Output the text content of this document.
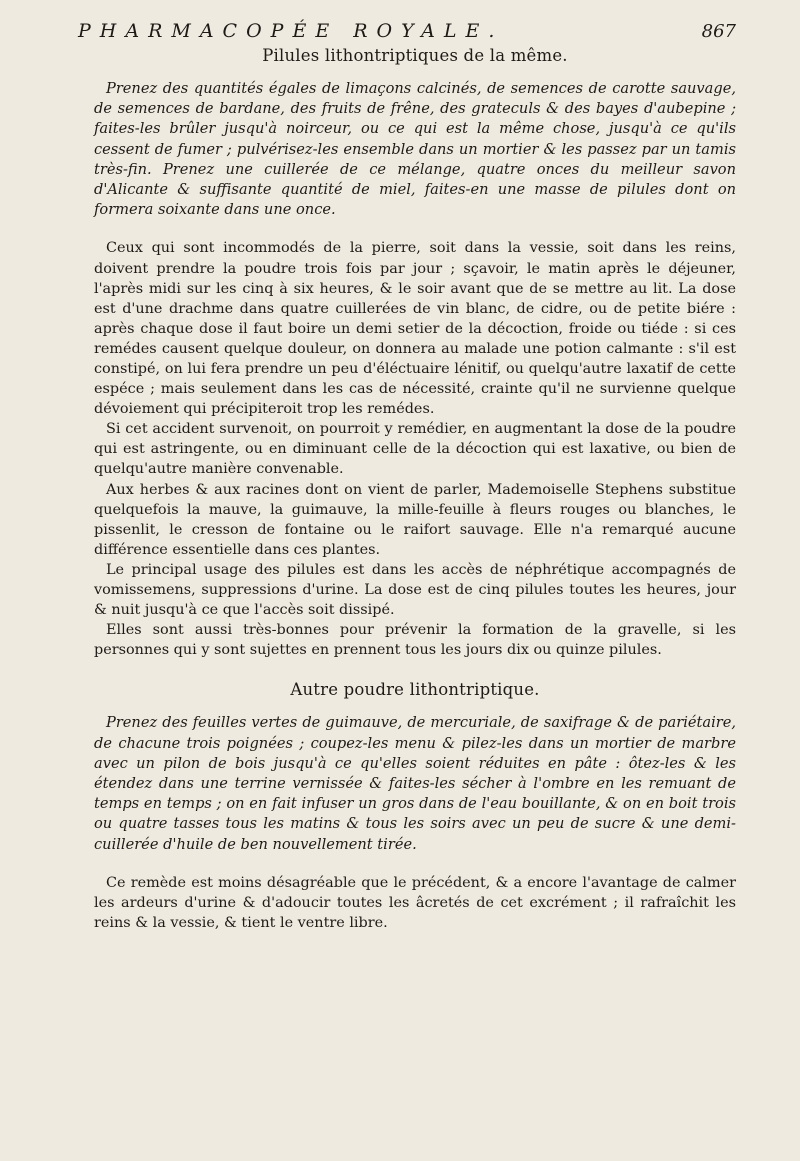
PHARMACOPÉE ROYALE.	867
Pilules lithontriptiques de la même.

Prenez des quantités égales de limaçons calcinés, de semences de carotte sauvage, de semences de bardane, des fruits de frêne, des grateculs & des bayes d'aubepine ; faites-les brûler jusqu'à noirceur, ou ce qui est la même chose, jusqu'à ce qu'ils cessent de fumer ; pulvérisez-les ensemble dans un mortier & les passez par un tamis très-fin. Prenez une cuillerée de ce mélange, quatre onces du meilleur savon d'Alicante & suffisante quantité de miel, faites-en une masse de pilules dont on formera soixante dans une once.

Ceux qui sont incommodés de la pierre, soit dans la vessie, soit dans les reins, doivent prendre la poudre trois fois par jour ; sçavoir, le matin après le déjeuner, l'après midi sur les cinq à six heures, & le soir avant que de se mettre au lit. La dose est d'une drachme dans quatre cuillerées de vin blanc, de cidre, ou de petite biére : après chaque dose il faut boire un demi setier de la décoction, froide ou tiéde : si ces remédes causent quelque douleur, on donnera au malade une potion calmante : s'il est constipé, on lui fera prendre un peu d'éléctuaire lénitif, ou quelqu'autre laxatif de cette espéce ; mais seulement dans les cas de nécessité, crainte qu'il ne survienne quelque dévoiement qui précipiteroit trop les remédes.

Si cet accident survenoit, on pourroit y remédier, en augmentant la dose de la poudre qui est astringente, ou en diminuant celle de la décoction qui est laxative, ou bien de quelqu'autre manière convenable.

Aux herbes & aux racines dont on vient de parler, Mademoiselle Stephens substitue quelquefois la mauve, la guimauve, la mille-feuille à fleurs rouges ou blanches, le pissenlit, le cresson de fontaine ou le raifort sauvage. Elle n'a remarqué aucune différence essentielle dans ces plantes.

Le principal usage des pilules est dans les accès de néphrétique accompagnés de vomissemens, suppressions d'urine. La dose est de cinq pilules toutes les heures, jour & nuit jusqu'à ce que l'accès soit dissipé.

Elles sont aussi très-bonnes pour prévenir la formation de la gravelle, si les personnes qui y sont sujettes en prennent tous les jours dix ou quinze pilules.

Autre poudre lithontriptique.

Prenez des feuilles vertes de guimauve, de mercuriale, de saxifrage & de pariétaire, de chacune trois poignées ; coupez-les menu & pilez-les dans un mortier de marbre avec un pilon de bois jusqu'à ce qu'elles soient réduites en pâte : ôtez-les & les étendez dans une terrine vernissée & faites-les sécher à l'ombre en les remuant de temps en temps ; on en fait infuser un gros dans de l'eau bouillante, & on en boit trois ou quatre tasses tous les matins & tous les soirs avec un peu de sucre & une demi-cuillerée d'huile de ben nouvellement tirée.

Ce remède est moins désagréable que le précédent, & a encore l'avantage de calmer les ardeurs d'urine & d'adoucir toutes les âcretés de cet excrément ; il rafraîchit les reins & la vessie, & tient le ventre libre.
